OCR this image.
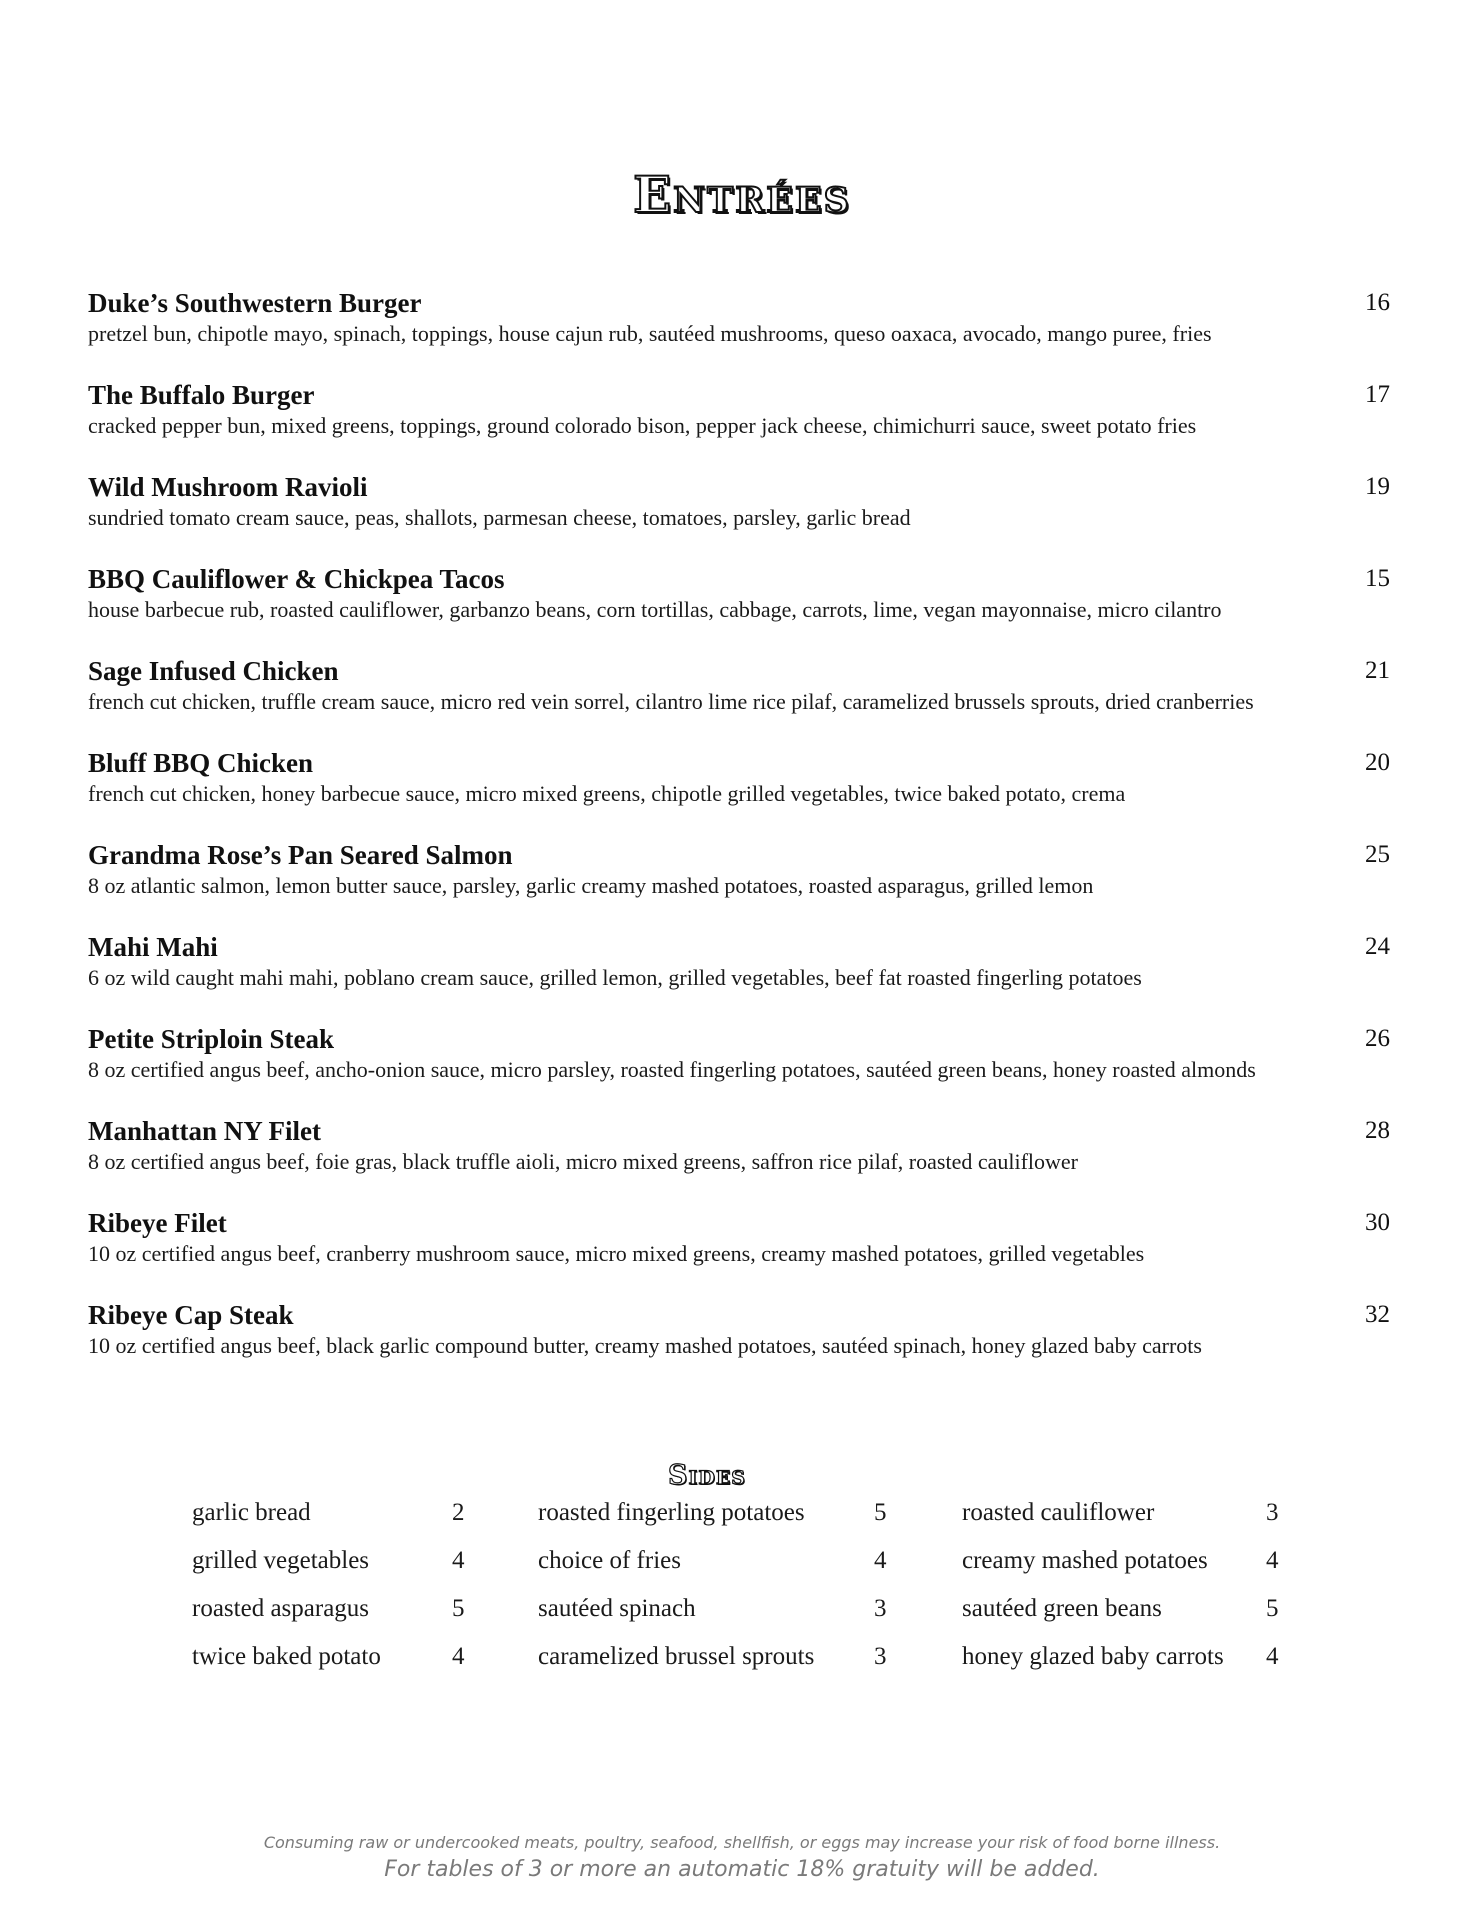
Entrées
Duke’s Southwestern Burger	16
pretzel bun, chipotle mayo, spinach, toppings, house cajun rub, sautéed mushrooms, queso oaxaca, avocado, mango puree, fries
The Buffalo Burger	17
cracked pepper bun, mixed greens, toppings, ground colorado bison, pepper jack cheese, chimichurri sauce, sweet potato fries
Wild Mushroom Ravioli	19
sundried tomato cream sauce, peas, shallots, parmesan cheese, tomatoes, parsley, garlic bread
BBQ Cauliflower & Chickpea Tacos	15
house barbecue rub, roasted cauliflower, garbanzo beans, corn tortillas, cabbage, carrots, lime, vegan mayonnaise, micro cilantro
Sage Infused Chicken	21
french cut chicken, truffle cream sauce, micro red vein sorrel, cilantro lime rice pilaf, caramelized brussels sprouts, dried cranberries
Bluff BBQ Chicken	20
french cut chicken, honey barbecue sauce, micro mixed greens, chipotle grilled vegetables, twice baked potato, crema
Grandma Rose’s Pan Seared Salmon	25
8 oz atlantic salmon, lemon butter sauce, parsley, garlic creamy mashed potatoes, roasted asparagus, grilled lemon
Mahi Mahi	24
6 oz wild caught mahi mahi, poblano cream sauce, grilled lemon, grilled vegetables, beef fat roasted fingerling potatoes
Petite Striploin Steak	26
8 oz certified angus beef, ancho-onion sauce, micro parsley, roasted fingerling potatoes, sautéed green beans, honey roasted almonds
Manhattan NY Filet	28
8 oz certified angus beef, foie gras, black truffle aioli, micro mixed greens, saffron rice pilaf, roasted cauliflower
Ribeye Filet	30
10 oz certified angus beef, cranberry mushroom sauce, micro mixed greens, creamy mashed potatoes, grilled vegetables
Ribeye Cap Steak	32
10 oz certified angus beef, black garlic compound butter, creamy mashed potatoes, sautéed spinach, honey glazed baby carrots
Sides
garlic bread	2
grilled vegetables	4
roasted asparagus	5
twice baked potato	4
roasted fingerling potatoes	5
choice of fries	4
sautéed spinach	3
caramelized brussel sprouts 3
roasted cauliflower	3
creamy mashed potatoes 4
sautéed green beans	5
honey glazed baby carrots 4
Consuming raw or undercooked meats, poultry, seafood, shellfish, or eggs may increase your risk of food borne illness.
For tables of 3 or more an automatic 18% gratuity will be added.
